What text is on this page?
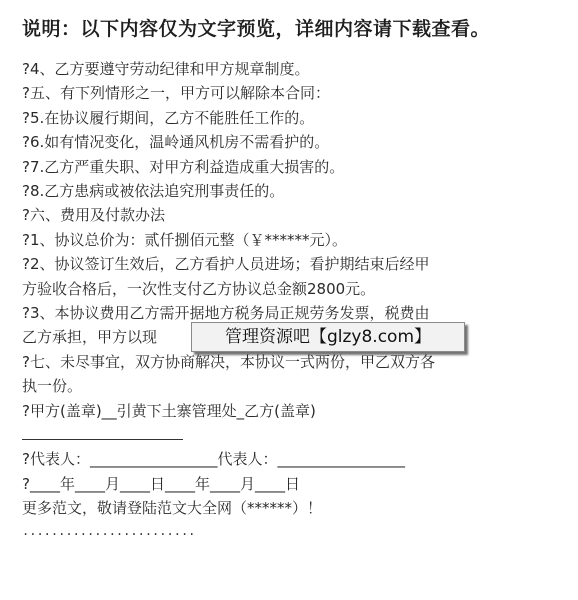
说明：以下内容仅为文字预览，详细内容请下载查看。
?4、乙方要遵守劳动纪律和甲方规章制度。
?五、有下列情形之一，甲方可以解除本合同：
?5.在协议履行期间，乙方不能胜任工作的。
?6.如有情况变化，温岭通风机房不需看护的。
?7.乙方严重失职、对甲方利益造成重大损害的。
?8.乙方患病或被依法追究刑事责任的。
?六、费用及付款办法
?1、协议总价为：贰仟捌佰元整（￥******元）。
?2、协议签订生效后，乙方看护人员进场；看护期结束后经甲
方验收合格后，一次性支付乙方协议总金额2800元。
?3、本协议费用乙方需开据地方税务局正规劳务发票，税费由
乙方承担，甲方以现
?七、未尽事宜，双方协商解决，本协议一式两份，甲乙双方各
执一份。
?甲方(盖章)__引黄下土寨管理处_乙方(盖章)
?代表人：_________________代表人：_________________
?____年____月____日____年____月____日
更多范文，敬请登陆范文大全网（******）！
........................
管理资源吧【glzy8.com】
